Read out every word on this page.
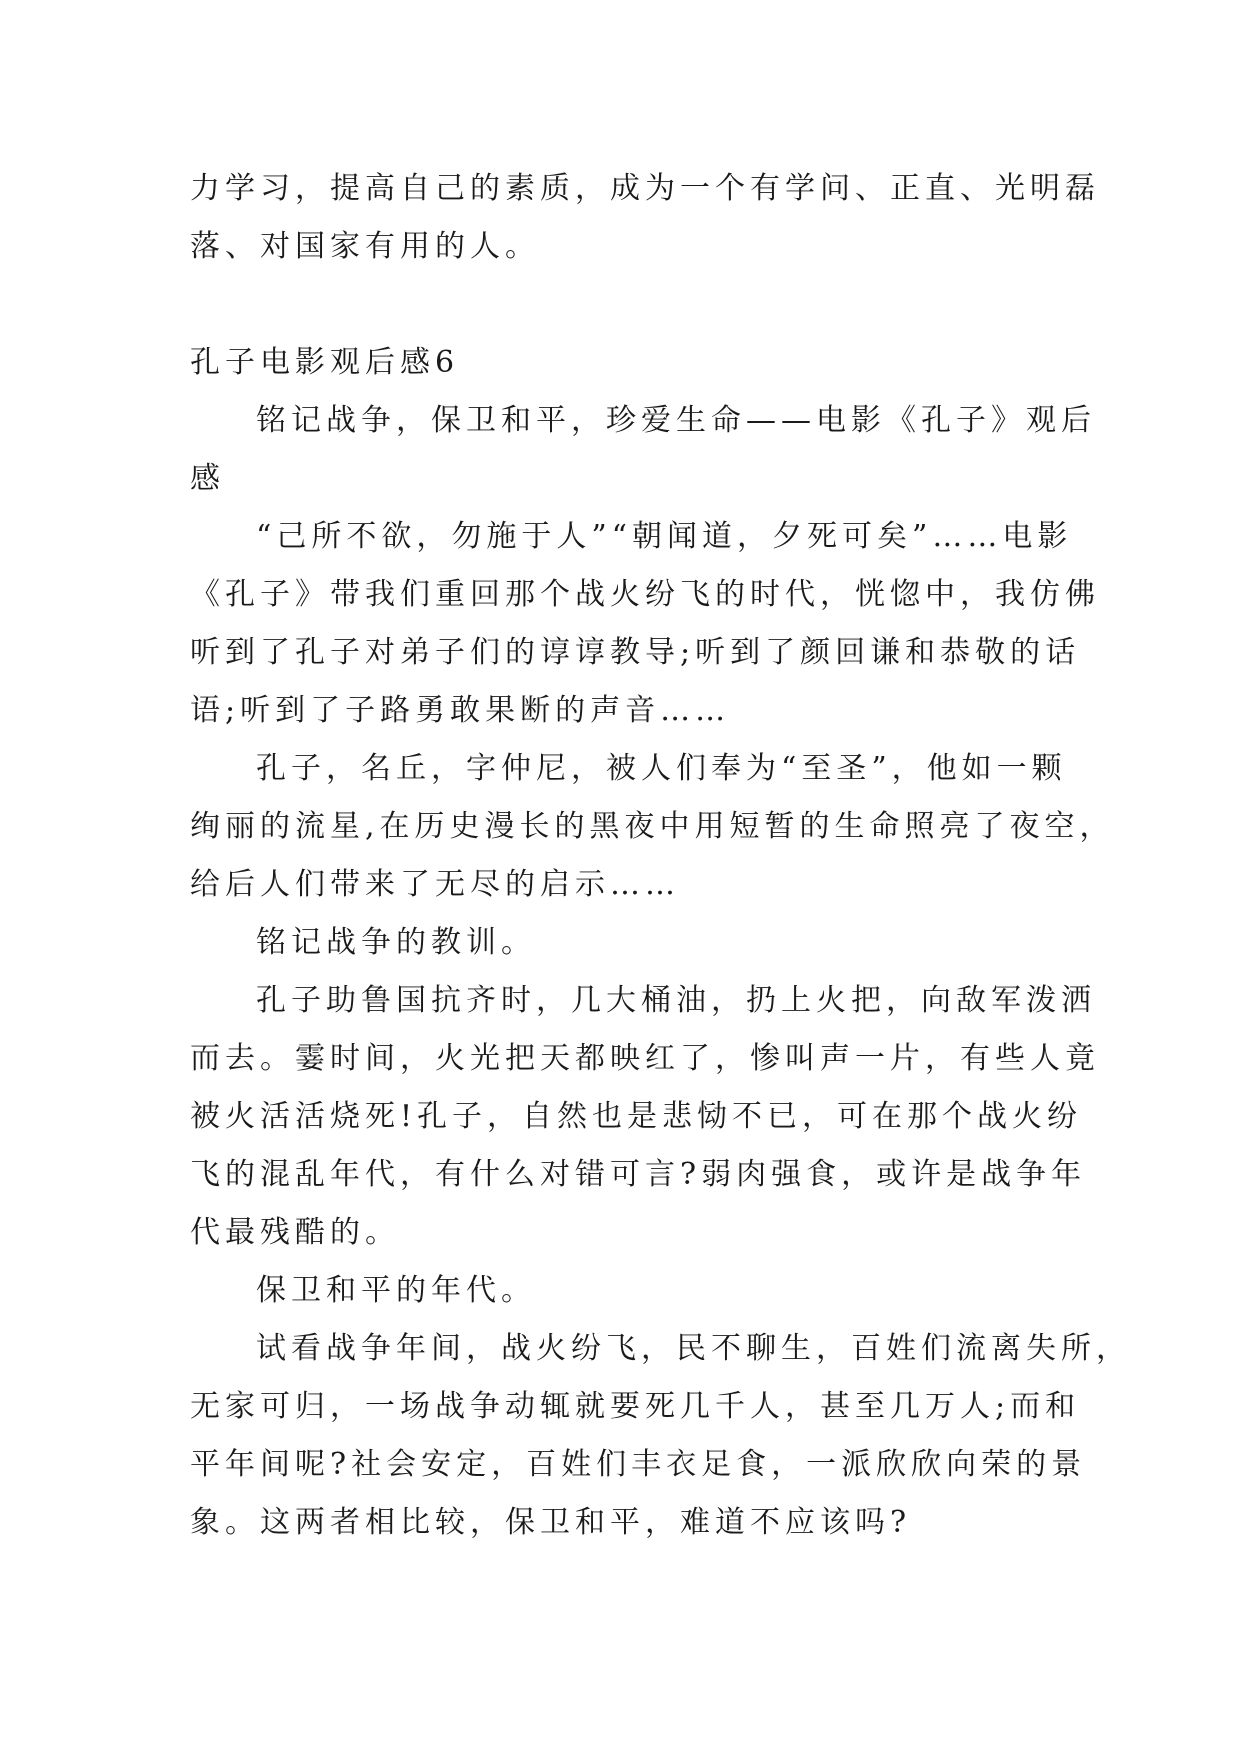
力学习，提高自己的素质，成为一个有学问、正直、光明磊
落、对国家有用的人。
孔子电影观后感6
铭记战争，保卫和平，珍爱生命——电影《孔子》观后
感
“己所不欲，勿施于人”“朝闻道，夕死可矣”……电影
《孔子》带我们重回那个战火纷飞的时代，恍惚中，我仿佛
听到了孔子对弟子们的谆谆教导;听到了颜回谦和恭敬的话
语;听到了子路勇敢果断的声音……
孔子，名丘，字仲尼，被人们奉为“至圣”，他如一颗
绚丽的流星,在历史漫长的黑夜中用短暂的生命照亮了夜空，
给后人们带来了无尽的启示……
铭记战争的教训。
孔子助鲁国抗齐时，几大桶油，扔上火把，向敌军泼洒
而去。霎时间，火光把天都映红了，惨叫声一片，有些人竟
被火活活烧死!孔子，自然也是悲恸不已，可在那个战火纷
飞的混乱年代，有什么对错可言?弱肉强食，或许是战争年
代最残酷的。
保卫和平的年代。
试看战争年间，战火纷飞，民不聊生，百姓们流离失所，
无家可归，一场战争动辄就要死几千人，甚至几万人;而和
平年间呢?社会安定，百姓们丰衣足食，一派欣欣向荣的景
象。这两者相比较，保卫和平，难道不应该吗?
